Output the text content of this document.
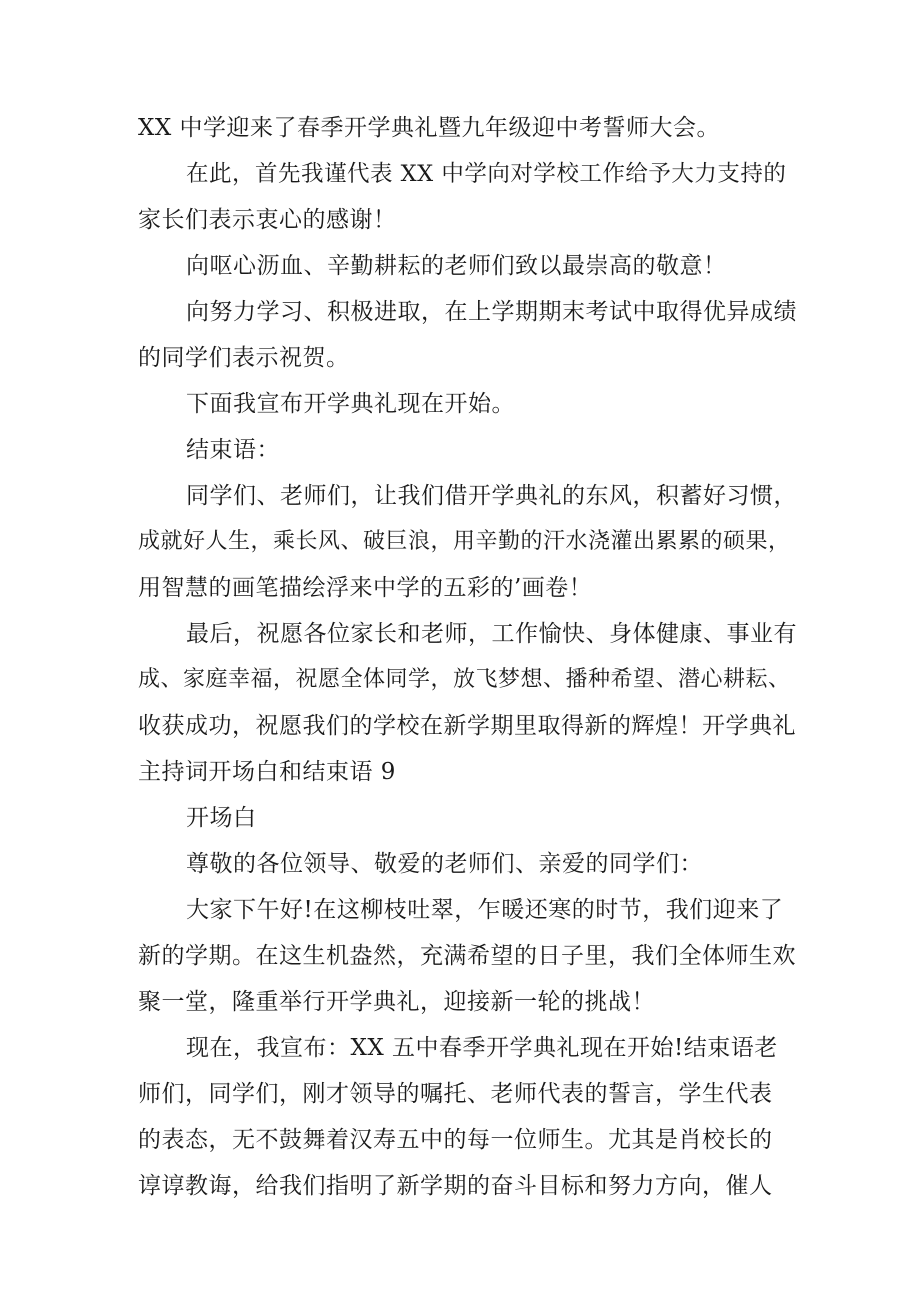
XX 中学迎来了春季开学典礼暨九年级迎中考誓师大会。
在此，首先我谨代表 XX 中学向对学校工作给予大力支持的
家长们表示衷心的感谢！
向呕心沥血、辛勤耕耘的老师们致以最崇高的敬意！
向努力学习、积极进取，在上学期期末考试中取得优异成绩
的同学们表示祝贺。
下面我宣布开学典礼现在开始。
结束语：
同学们、老师们，让我们借开学典礼的东风，积蓄好习惯，
成就好人生，乘长风、破巨浪，用辛勤的汗水浇灌出累累的硕果，
用智慧的画笔描绘浮来中学的五彩的’画卷！
最后，祝愿各位家长和老师，工作愉快、身体健康、事业有
成、家庭幸福，祝愿全体同学，放飞梦想、播种希望、潜心耕耘、
收获成功，祝愿我们的学校在新学期里取得新的辉煌！开学典礼
主持词开场白和结束语 9
开场白
尊敬的各位领导、敬爱的老师们、亲爱的同学们：
大家下午好!在这柳枝吐翠，乍暖还寒的时节，我们迎来了
新的学期。在这生机盎然，充满希望的日子里，我们全体师生欢
聚一堂，隆重举行开学典礼，迎接新一轮的挑战！
现在，我宣布：XX 五中春季开学典礼现在开始!结束语老
师们，同学们，刚才领导的嘱托、老师代表的誓言，学生代表
的表态，无不鼓舞着汉寿五中的每一位师生。尤其是肖校长的
谆谆教诲，给我们指明了新学期的奋斗目标和努力方向，催人
